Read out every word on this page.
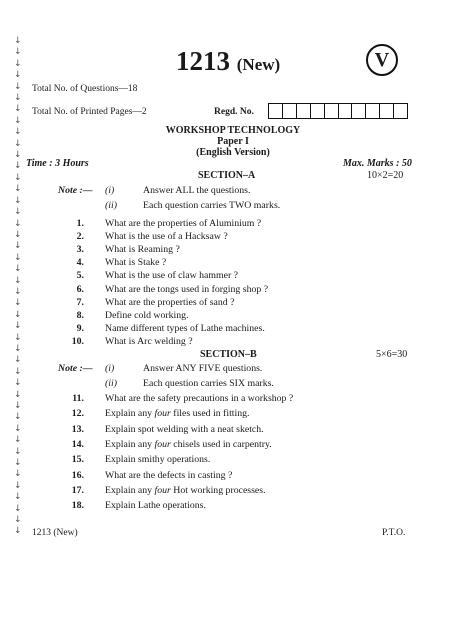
↓
↓
↓
↓
↓
↓
↓
↓
↓
↓
↓
↓
↓
↓
↓
↓
↓
↓
↓
↓
↓
↓
↓
↓
↓
↓
↓
↓
↓
↓
↓
↓
↓
↓
↓
↓
↓
↓
↓
↓
↓
↓
↓
↓

1213 (New)	V
Total No. of Questions—18
Total No. of Printed Pages—2	Regd. No.
WORKSHOP TECHNOLOGY
Paper I
(English Version)
Time : 3 Hours	Max. Marks : 50
SECTION–A	10×2=20
Note :— (i)	Answer ALL the questions.
(ii)	Each question carries TWO marks.
1. What are the properties of Aluminium ?
2. What is the use of a Hacksaw ?
3. What is Reaming ?
4. What is Stake ?
5. What is the use of claw hammer ?
6. What are the tongs used in forging shop ?
7. What are the properties of sand ?
8. Define cold working.
9. Name different types of Lathe machines.
10. What is Arc welding ?
SECTION–B	5×6=30
Note :— (i)	Answer ANY FIVE questions.
(ii)	Each question carries SIX marks.
11. What are the safety precautions in a workshop ?
12. Explain any four files used in fitting.
13. Explain spot welding with a neat sketch.
14. Explain any four chisels used in carpentry.
15. Explain smithy operations.
16. What are the defects in casting ?
17. Explain any four Hot working processes.
18. Explain Lathe operations.
1213 (New)	P.T.O.
